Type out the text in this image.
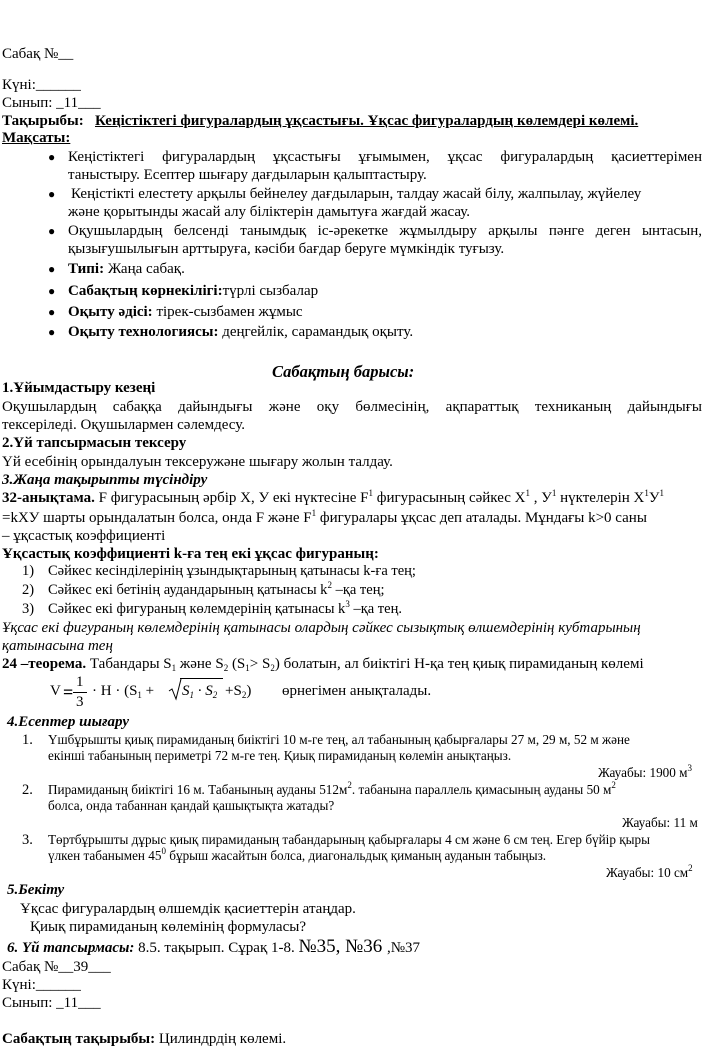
Сабақ №__
Күні:______
Сынып: _11___
Тақырыбы: Кеңістіктегі фигуралардың ұқсастығы. Ұқсас фигуралардың көлемдері көлемі.
Мақсаты:
● Кеңістіктегі фигуралардың ұқсастығы ұғымымен, ұқсас фигуралардың қасиеттерімен
таныстыру. Есептер шығару дағдыларын қалыптастыру.
● Кеңістікті елестету арқылы бейнелеу дағдыларын, талдау жасай білу, жалпылау, жүйелеу
және қорытынды жасай алу біліктерін дамытуға жағдай жасау.
● Оқушылардың белсенді танымдық іс-әрекетке жұмылдыру арқылы пәнге деген ынтасын,
қызығушылығын арттыруға, кәсіби бағдар беруге мүмкіндік туғызу.
● Типі: Жаңа сабақ.
● Сабақтың көрнекілігі:түрлі сызбалар
● Оқыту әдісі: тірек-сызбамен жұмыс
● Оқыту технологиясы: деңгейлік, сарамандық оқыту.
Сабақтың барысы:
1.Ұйымдастыру кезеңі
Оқушылардың сабаққа дайындығы және оқу бөлмесінің, ақпараттық техниканың дайындығы
тексеріледі. Оқушылармен сәлемдесу.
2.Үй тапсырмасын тексеру
Үй есебінің орындалуын тексеружәне шығару жолын талдау.
3.Жаңа тақырыпты түсіндіру
32-анықтама. F фигурасының әрбір Х, У екі нүктесіне $F^1$ фигурасының сәйкес $Х^1$ , $У^1$ нүктелерін $Х^1У^1$
=kХУ шарты орындалатын болса, онда F және $F^1$ фигуралары ұқсас деп аталады. Мұндағы k>0 саны
– ұқсастық коэффициенті
Ұқсастық коэффициенті k-ға тең екі ұқсас фигураның:
1) Сәйкес кесінділерінің ұзындықтарының қатынасы k-ға тең;
2) Сәйкес екі бетінің аудандарының қатынасы $k^2$ –қа тең;
3) Сәйкес екі фигураның көлемдерінің қатынасы $k^3$ –қа тең.
Ұқсас екі фигураның көлемдерінің қатынасы олардың сәйкес сызықтық өлшемдерінің кубтарының
қатынасына тең
24 –теорема. Табандары $S_1$ және $S_2$ $(S_1> S_2)$ болатын, ал биіктігі Н-қа тең қиық пирамиданың көлемі
V = 1
3
· $H \cdot (S_1 + S_1 \cdot S_2 +S_2)$ өрнегімен анықталады.
4.Есептер шығару
1. Үшбұрышты қиық пирамиданың биіктігі 10 м-ге тең, ал табанының қабырғалары 27 м, 29 м, 52 м және
екінші табанының периметрі 72 м-ге тең. Қиық пирамиданың көлемін анықтаңыз.
Жауабы: 1900 $м^3$
2. Пирамиданың биіктігі 16 м. Табанының ауданы $512м^2$. табанына параллель қимасының ауданы 50 $м^2$
болса, онда табаннан қандай қашықтықта жатады?
Жауабы: 11 м
3. Төртбұрышты дұрыс қиық пирамиданың табандарының қабырғалары 4 см және 6 см тең. Егер бүйір қыры
үлкен табанымен $45^0$ бұрыш жасайтын болса, диагональдық қиманың ауданын табыңыз.
Жауабы: 10 $см^2$
5.Бекіту
Ұқсас фигуралардың өлшемдік қасиеттерін атаңдар.
Қиық пирамиданың көлемінің формуласы?
6. Үй тапсырмасы: 8.5. тақырып. Сұрақ 1-8. №35, №36 ,№37
Сабақ №__39___
Күні:______
Сынып: _11___
Сабақтың тақырыбы: Цилиндрдің көлемі.
